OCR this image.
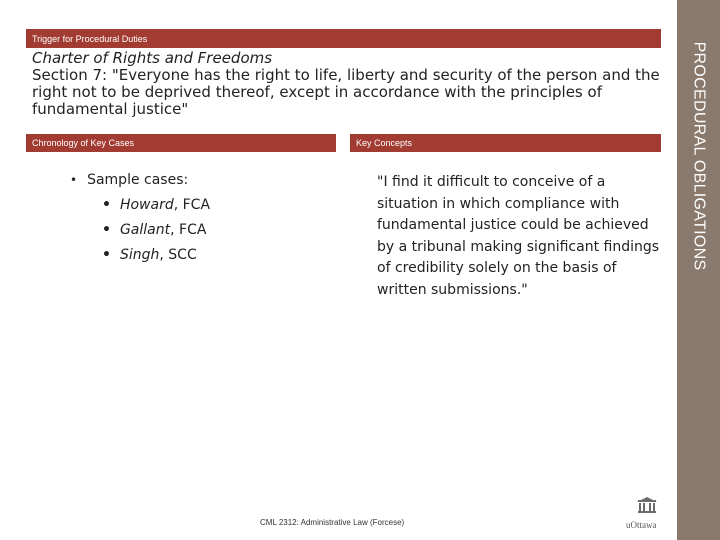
Trigger for Procedural Duties
Charter of Rights and Freedoms
Section 7: "Everyone has the right to life, liberty and security of the person and the right not to be deprived thereof, except in accordance with the principles of fundamental justice"
Chronology of Key Cases	Key Concepts
• Sample cases:
• Howard, FCA
• Gallant, FCA
• Singh, SCC
"I find it difficult to conceive of a situation in which compliance with fundamental justice could be achieved by a tribunal making significant findings of credibility solely on the basis of written submissions."
CML 2312: Administrative Law (Forcese)	uOttawa
PROCEDURAL OBLIGATIONS
